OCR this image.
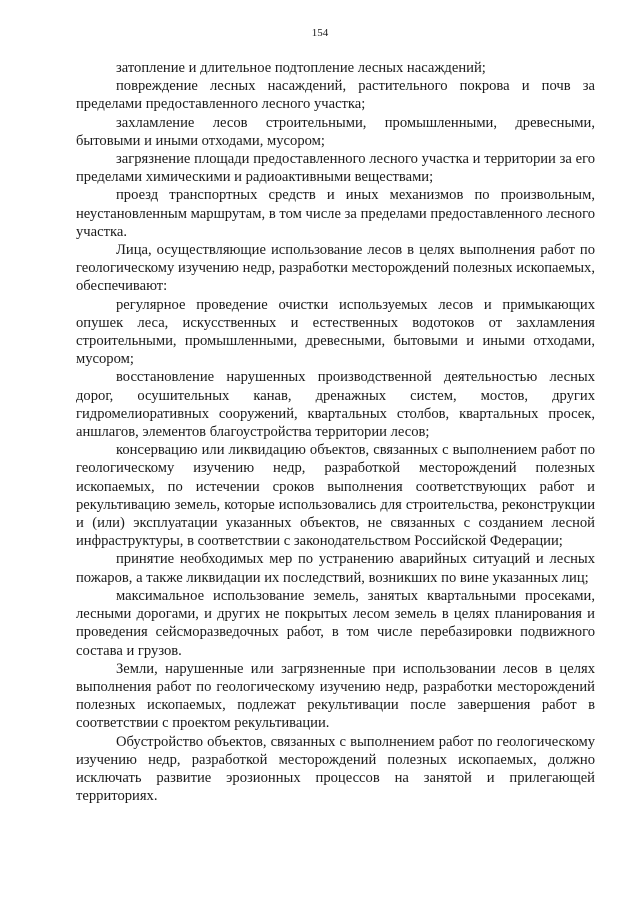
154

затопление и длительное подтопление лесных насаждений;

повреждение лесных насаждений, растительного покрова и почв за пределами предоставленного лесного участка;

захламление лесов строительными, промышленными, древесными, бытовыми и иными отходами, мусором;

загрязнение площади предоставленного лесного участка и территории за его пределами химическими и радиоактивными веществами;

проезд транспортных средств и иных механизмов по произвольным, неустановленным маршрутам, в том числе за пределами предоставленного лесного участка.

Лица, осуществляющие использование лесов в целях выполнения работ по геологическому изучению недр, разработки месторождений полезных ископаемых, обеспечивают:

регулярное проведение очистки используемых лесов и примыкающих опушек леса, искусственных и естественных водотоков от захламления строительными, промышленными, древесными, бытовыми и иными отходами, мусором;

восстановление нарушенных производственной деятельностью лесных дорог, осушительных канав, дренажных систем, мостов, других гидромелиоративных сооружений, квартальных столбов, квартальных просек, аншлагов, элементов благоустройства территории лесов;

консервацию или ликвидацию объектов, связанных с выполнением работ по геологическому изучению недр, разработкой месторождений полезных ископаемых, по истечении сроков выполнения соответствующих работ и рекультивацию земель, которые использовались для строительства, реконструкции и (или) эксплуатации указанных объектов, не связанных с созданием лесной инфраструктуры, в соответствии с законодательством Российской Федерации;

принятие необходимых мер по устранению аварийных ситуаций и лесных пожаров, а также ликвидации их последствий, возникших по вине указанных лиц;

максимальное использование земель, занятых квартальными просеками, лесными дорогами, и других не покрытых лесом земель в целях планирования и проведения сейсморазведочных работ, в том числе перебазировки подвижного состава и грузов.

Земли, нарушенные или загрязненные при использовании лесов в целях выполнения работ по геологическому изучению недр, разработки месторождений полезных ископаемых, подлежат рекультивации после завершения работ в соответствии с проектом рекультивации.

Обустройство объектов, связанных с выполнением работ по геологическому изучению недр, разработкой месторождений полезных ископаемых, должно исключать развитие эрозионных процессов на занятой и прилегающей территориях.
